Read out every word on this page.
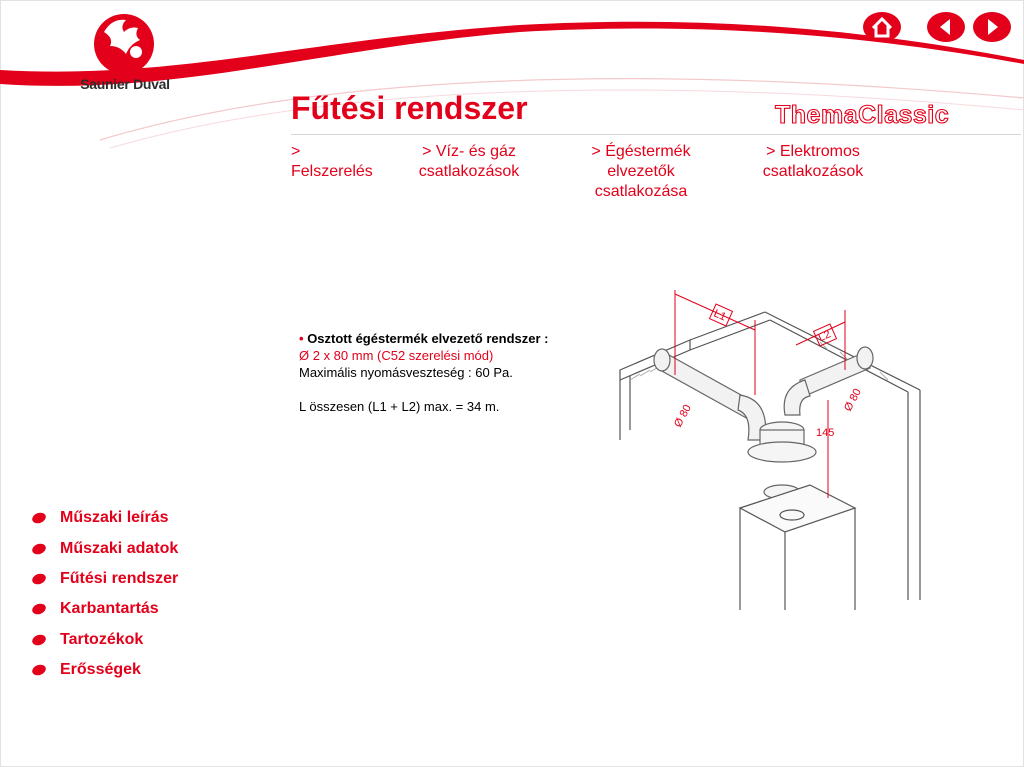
Saunier Duval
Fűtési rendszer	ThemaClassic
>
Felszerelés
> Víz- és gáz
csatlakozások
> Égéstermék
elvezetők
csatlakozása
> Elektromos
csatlakozások
• Osztott égéstermék elvezető rendszer :
Ø 2 x 80 mm (C52 szerelési mód)
Maximális nyomásveszteség : 60 Pa.
L összesen (L1 + L2) max. = 34 m.
L1
L2
Ø 80
Ø 80
145
Műszaki leírás
Műszaki adatok
Fűtési rendszer
Karbantartás
Tartozékok
Erősségek
